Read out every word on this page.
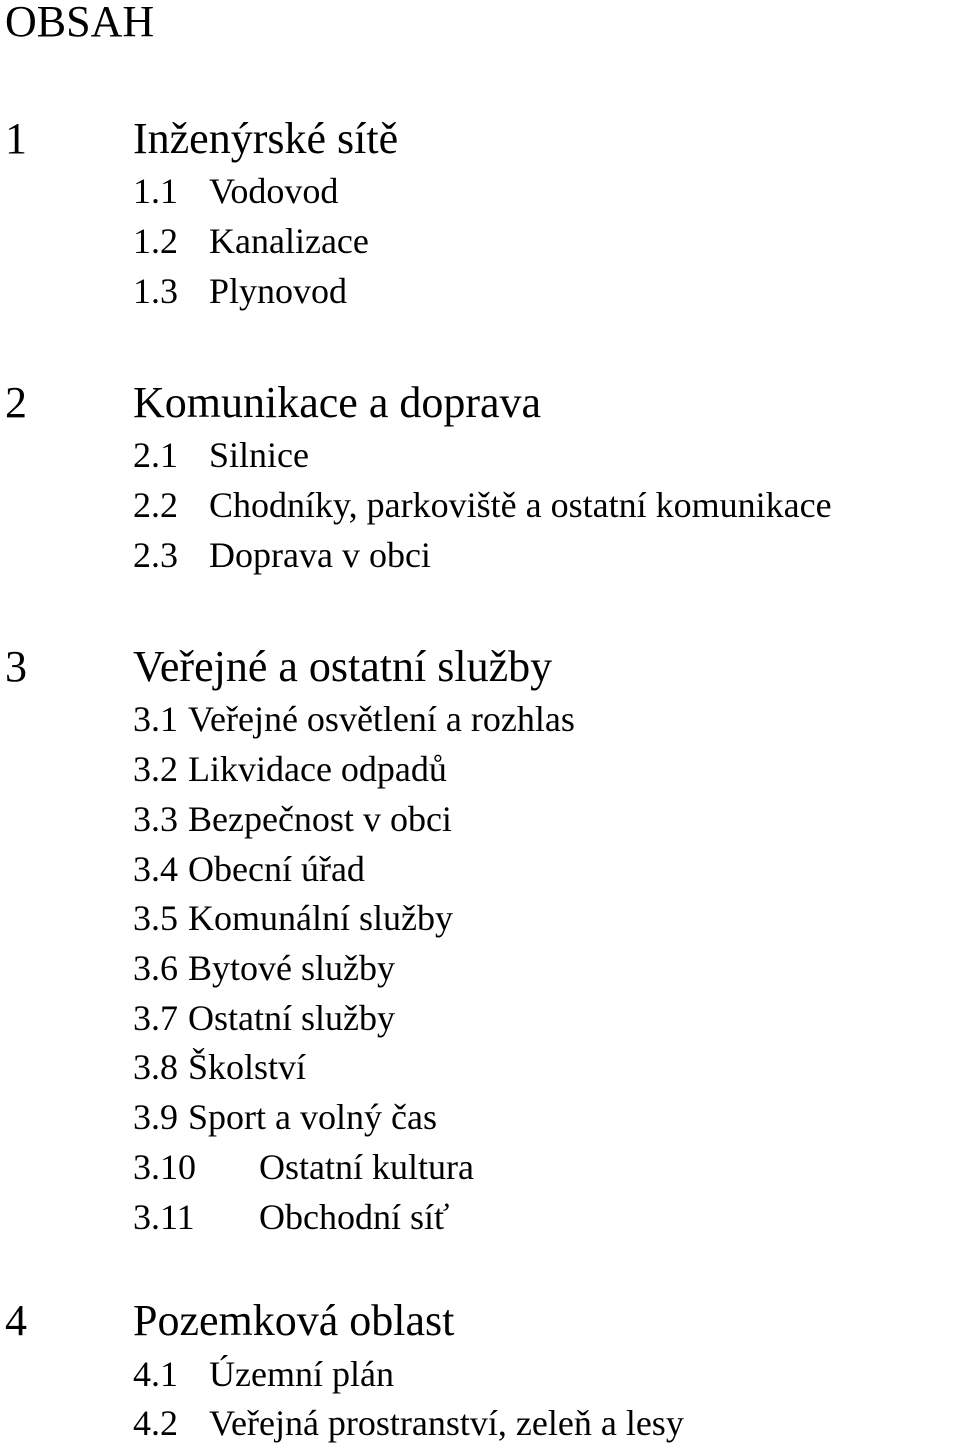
OBSAH
1 Inženýrské sítě
1.1 Vodovod
1.2 Kanalizace
1.3 Plynovod
2 Komunikace a doprava
2.1 Silnice
2.2 Chodníky, parkoviště a ostatní komunikace
2.3 Doprava v obci
3 Veřejné a ostatní služby
3.1 Veřejné osvětlení a rozhlas
3.2 Likvidace odpadů
3.3 Bezpečnost v obci
3.4 Obecní úřad
3.5 Komunální služby
3.6 Bytové služby
3.7 Ostatní služby
3.8 Školství
3.9 Sport a volný čas
3.10 Ostatní kultura
3.11 Obchodní síť
4 Pozemková oblast
4.1 Územní plán
4.2 Veřejná prostranství, zeleň a lesy
